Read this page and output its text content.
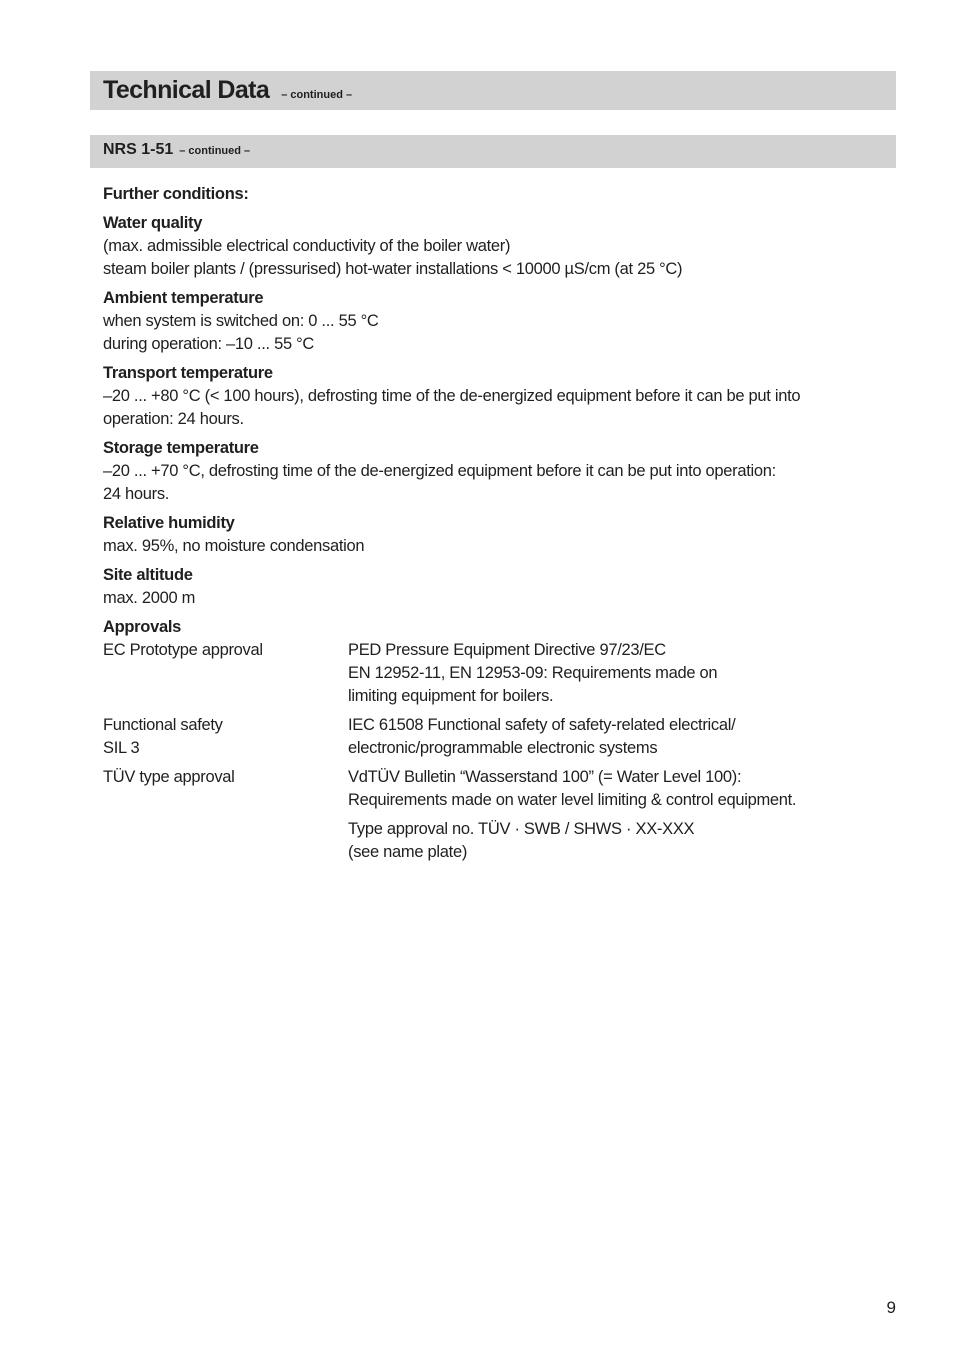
Technical Data – continued –
NRS 1-51 – continued –
Further conditions:
Water quality
(max. admissible electrical conductivity of the boiler water)
steam boiler plants / (pressurised) hot-water installations < 10000 µS/cm (at 25 °C)
Ambient temperature
when system is switched on: 0 ... 55 °C
during operation: –10 ... 55 °C
Transport temperature
–20 ... +80 °C (< 100 hours), defrosting time of the de-energized equipment before it can be put into
operation: 24 hours.
Storage temperature
–20 ... +70 °C, defrosting time of the de-energized equipment before it can be put into operation:
24 hours.
Relative humidity
max. 95%, no moisture condensation
Site altitude
max. 2000 m
Approvals
EC Prototype approval	PED Pressure Equipment Directive 97/23/EC
EN 12952-11, EN 12953-09: Requirements made on
limiting equipment for boilers.
Functional safety
SIL 3
IEC 61508 Functional safety of safety-related electrical/
electronic/programmable electronic systems
TÜV type approval	VdTÜV Bulletin “Wasserstand 100” (= Water Level 100):
Requirements made on water level limiting & control equipment.
Type approval no. TÜV · SWB / SHWS · XX-XXX
(see name plate)
9
